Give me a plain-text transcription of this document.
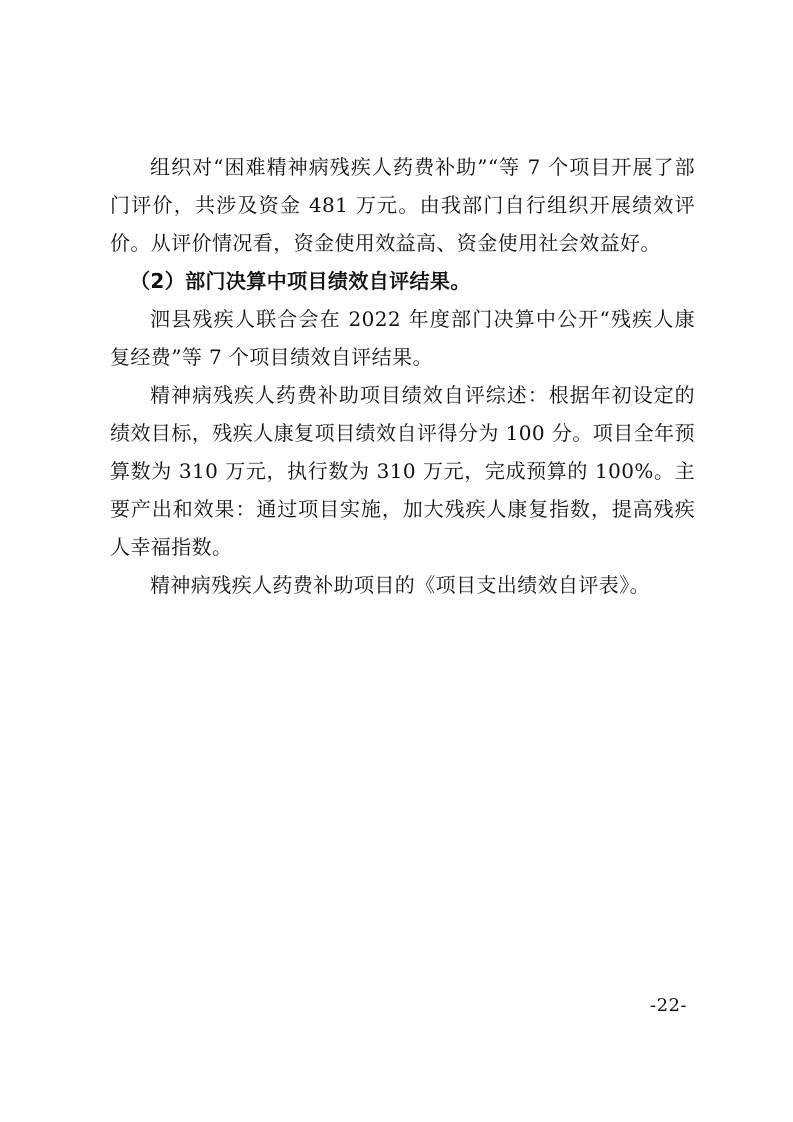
组织对“困难精神病残疾人药费补助”“等 7 个项目开展了部门评价，共涉及资金 481 万元。由我部门自行组织开展绩效评价。从评价情况看，资金使用效益高、资金使用社会效益好。

（2）部门决算中项目绩效自评结果。

泗县残疾人联合会在 2022 年度部门决算中公开“残疾人康复经费”等 7 个项目绩效自评结果。

精神病残疾人药费补助项目绩效自评综述：根据年初设定的绩效目标，残疾人康复项目绩效自评得分为 100 分。项目全年预算数为 310 万元，执行数为 310 万元，完成预算的 100%。主要产出和效果：通过项目实施，加大残疾人康复指数，提高残疾人幸福指数。

精神病残疾人药费补助项目的《项目支出绩效自评表》。

-22-
